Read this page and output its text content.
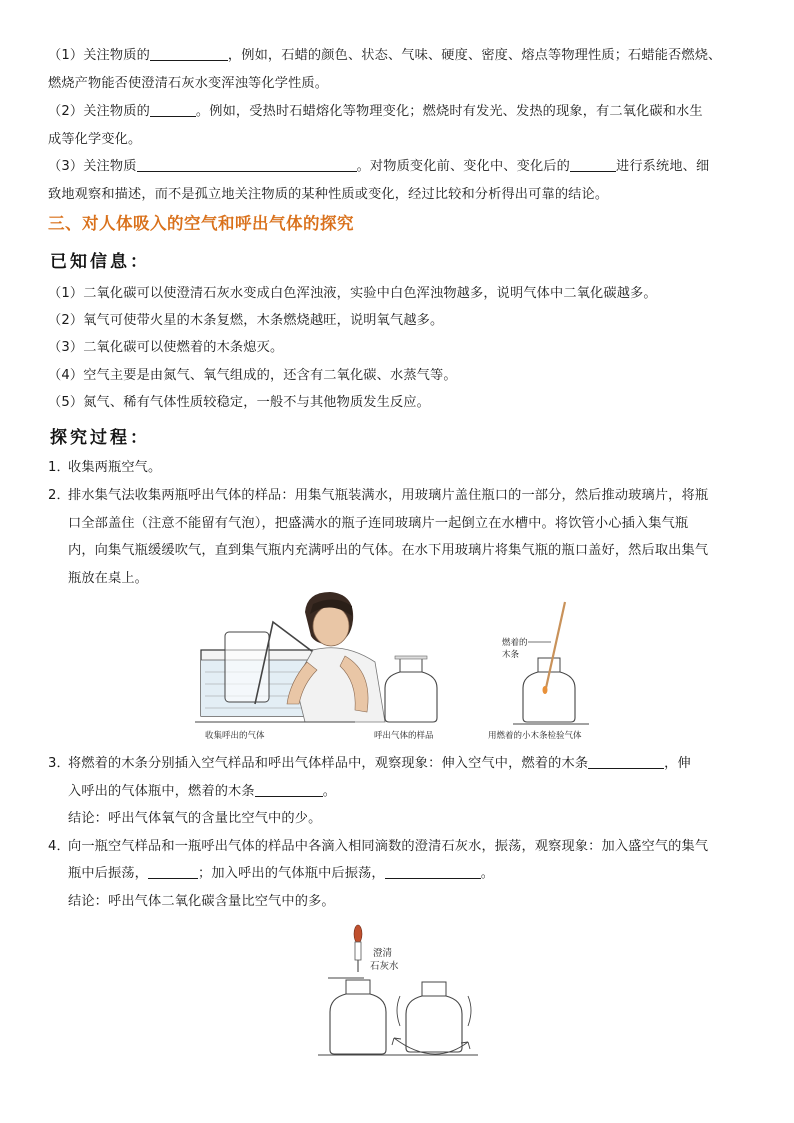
（1）关注物质的	，例如，石蜡的颜色、状态、气味、硬度、密度、熔点等物理性质；石蜡能否燃烧、
燃烧产物能否使澄清石灰水变浑浊等化学性质。
（2）关注物质的	。例如，受热时石蜡熔化等物理变化；燃烧时有发光、发热的现象，有二氧化碳和水生
成等化学变化。
（3）关注物质	。对物质变化前、变化中、变化后的	进行系统地、细
致地观察和描述，而不是孤立地关注物质的某种性质或变化，经过比较和分析得出可靠的结论。
三、对人体吸入的空气和呼出气体的探究
已知信息：
（1）二氧化碳可以使澄清石灰水变成白色浑浊液，实验中白色浑浊物越多，说明气体中二氧化碳越多。
（2）氧气可使带火星的木条复燃，木条燃烧越旺，说明氧气越多。
（3）二氧化碳可以使燃着的木条熄灭。
（4）空气主要是由氮气、氧气组成的，还含有二氧化碳、水蒸气等。
（5）氮气、稀有气体性质较稳定，一般不与其他物质发生反应。
探究过程：
1．收集两瓶空气。
2．排水集气法收集两瓶呼出气体的样品：用集气瓶装满水，用玻璃片盖住瓶口的一部分，然后推动玻璃片，将瓶
口全部盖住（注意不能留有气泡），把盛满水的瓶子连同玻璃片一起倒立在水槽中。将饮管小心插入集气瓶
内，向集气瓶缓缓吹气，直到集气瓶内充满呼出的气体。在水下用玻璃片将集气瓶的瓶口盖好，然后取出集气
瓶放在桌上。
燃着的
木条
收集呼出的气体	呼出气体的样品	用燃着的小木条检验气体
3．将燃着的木条分别插入空气样品和呼出气体样品中，观察现象：伸入空气中，燃着的木条	，伸
入呼出的气体瓶中，燃着的木条	。
结论：呼出气体氧气的含量比空气中的少。
4．向一瓶空气样品和一瓶呼出气体的样品中各滴入相同滴数的澄清石灰水，振荡，观察现象：加入盛空气的集气
瓶中后振荡，	；加入呼出的气体瓶中后振荡，	。
结论：呼出气体二氧化碳含量比空气中的多。
澄清
石灰水
